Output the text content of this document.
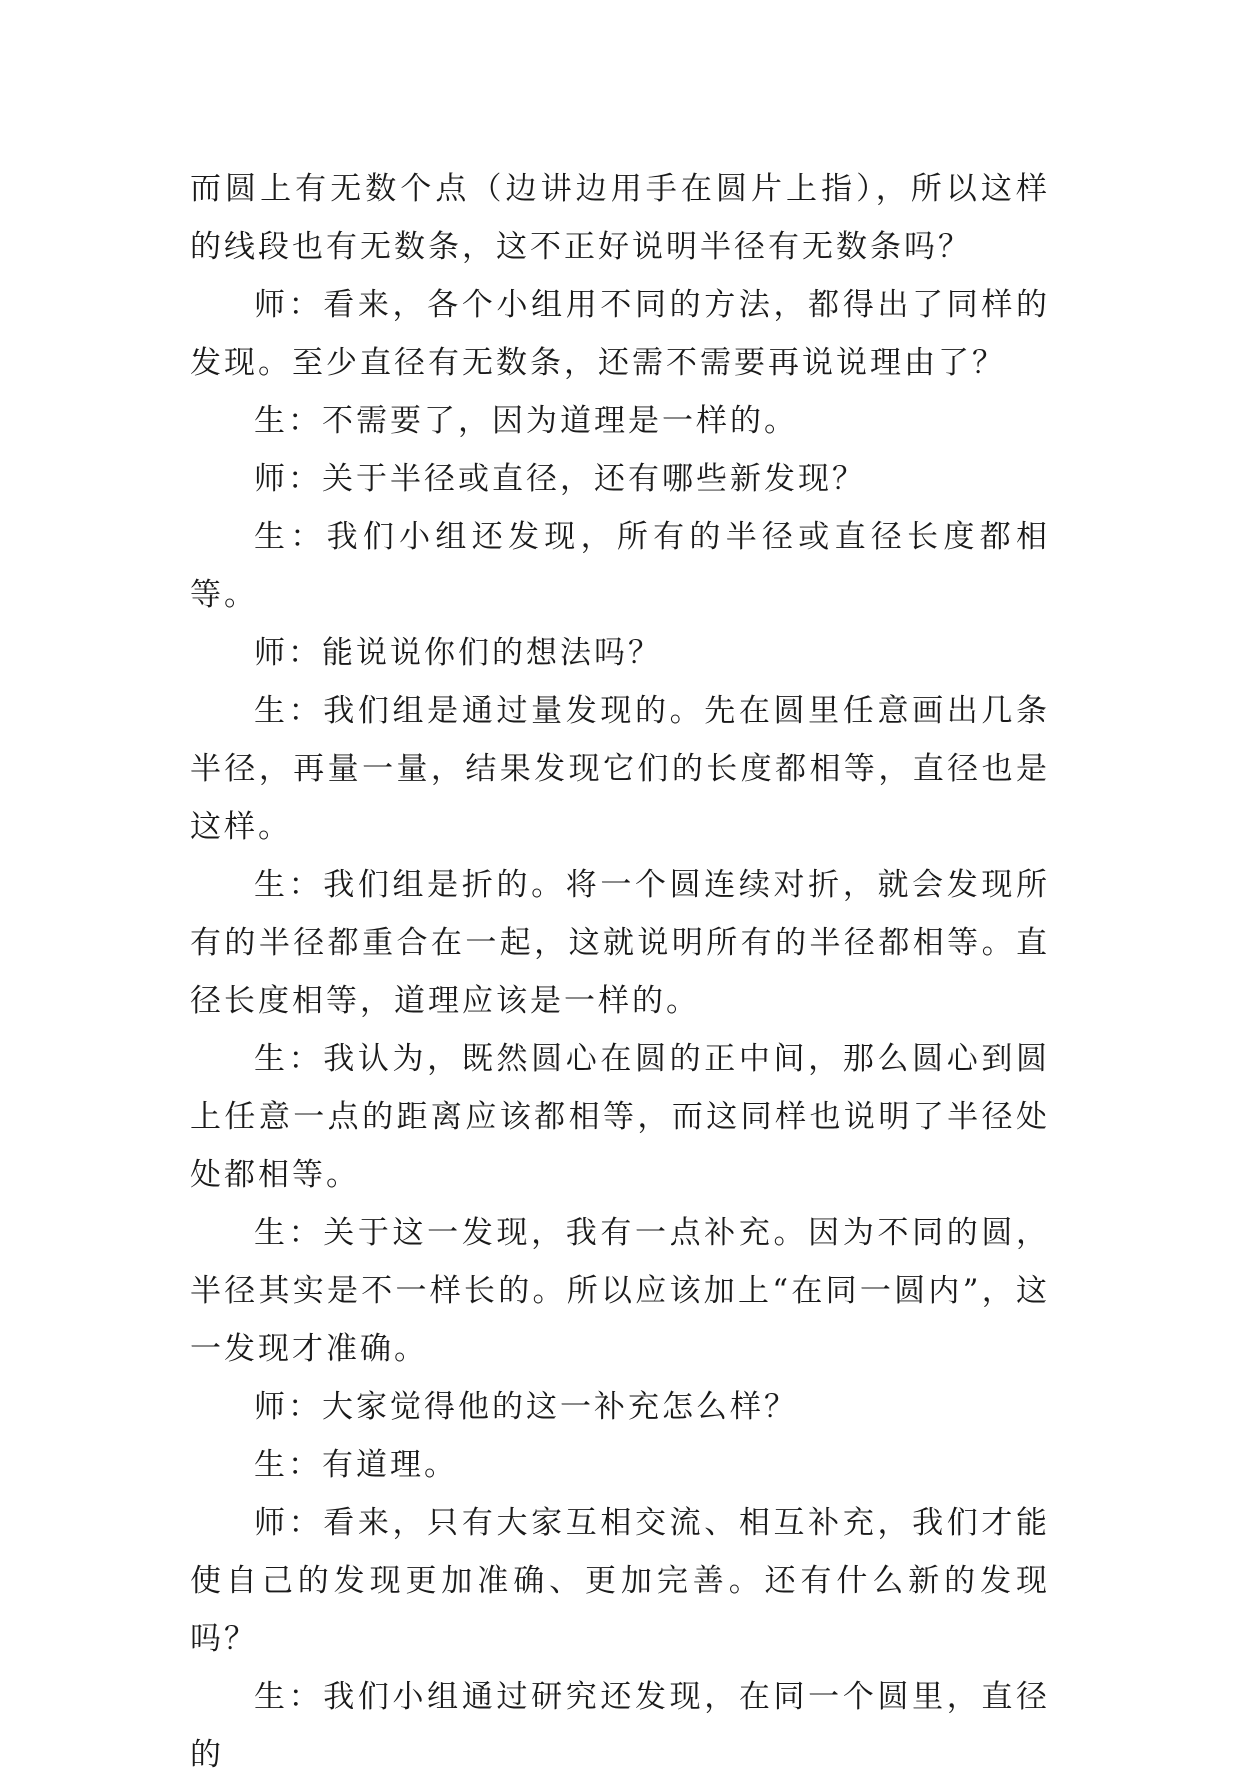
而圆上有无数个点（边讲边用手在圆片上指），所以这样的线段也有无数条，这不正好说明半径有无数条吗？

师：看来，各个小组用不同的方法，都得出了同样的发现。至少直径有无数条，还需不需要再说说理由了？

生：不需要了，因为道理是一样的。

师：关于半径或直径，还有哪些新发现？

生：我们小组还发现，所有的半径或直径长度都相等。

师：能说说你们的想法吗？

生：我们组是通过量发现的。先在圆里任意画出几条半径，再量一量，结果发现它们的长度都相等，直径也是这样。

生：我们组是折的。将一个圆连续对折，就会发现所有的半径都重合在一起，这就说明所有的半径都相等。直径长度相等，道理应该是一样的。

生：我认为，既然圆心在圆的正中间，那么圆心到圆上任意一点的距离应该都相等，而这同样也说明了半径处处都相等。

生：关于这一发现，我有一点补充。因为不同的圆，半径其实是不一样长的。所以应该加上“在同一圆内”，这一发现才准确。

师：大家觉得他的这一补充怎么样？

生：有道理。

师：看来，只有大家互相交流、相互补充，我们才能使自己的发现更加准确、更加完善。还有什么新的发现吗？

生：我们小组通过研究还发现，在同一个圆里，直径的
